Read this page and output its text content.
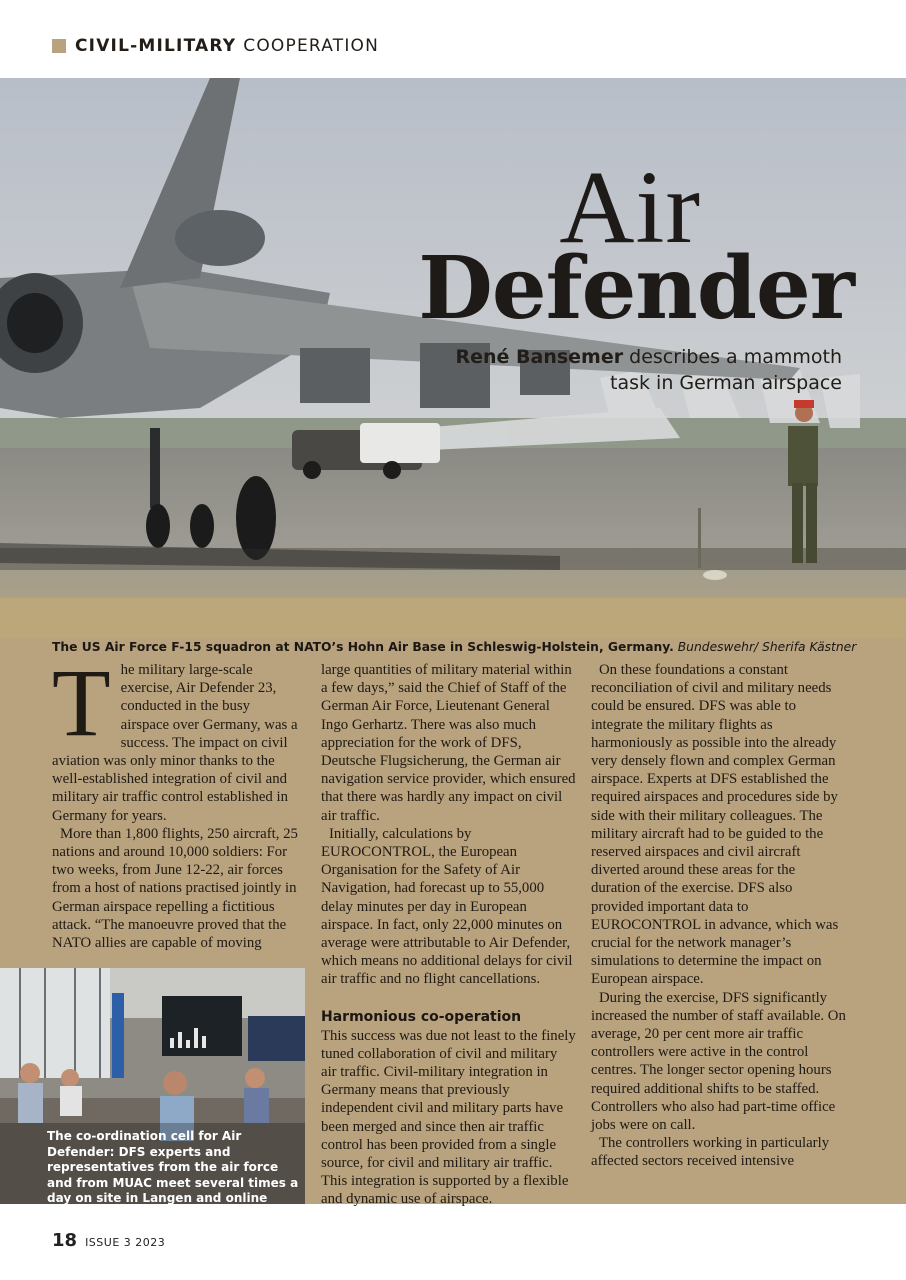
CIVIL-MILITARY COOPERATION
Air
Defender
René Bansemer describes a mammoth task in German airspace
The US Air Force F-15 squadron at NATO’s Hohn Air Base in Schleswig-Holstein, Germany. Bundeswehr/ Sherifa Kästner
T he military large-scale exercise, Air Defender 23, conducted in the busy airspace over Germany, was a success. The impact on civil aviation was only minor thanks to the well-established integration of civil and military air traffic control established in Germany for years.

More than 1,800 flights, 250 aircraft, 25 nations and around 10,000 soldiers: For two weeks, from June 12-22, air forces from a host of nations practised jointly in German airspace repelling a fictitious attack. “The manoeuvre proved that the NATO allies are capable of moving

large quantities of military material within a few days,” said the Chief of Staff of the German Air Force, Lieutenant General Ingo Gerhartz. There was also much appreciation for the work of DFS, Deutsche Flugsicherung, the German air navigation service provider, which ensured that there was hardly any impact on civil air traffic.

Initially, calculations by EUROCONTROL, the European Organisation for the Safety of Air Navigation, had forecast up to 55,000 delay minutes per day in European airspace. In fact, only 22,000 minutes on average were attributable to Air Defender, which means no additional delays for civil air traffic and no flight cancellations.

Harmonious co-operation

This success was due not least to the finely tuned collaboration of civil and military air traffic. Civil-military integration in Germany means that previously independent civil and military parts have been merged and since then air traffic control has been provided from a single source, for civil and military air traffic. This integration is supported by a flexible and dynamic use of airspace.

On these foundations a constant reconciliation of civil and military needs could be ensured. DFS was able to integrate the military flights as harmoniously as possible into the already very densely flown and complex German airspace. Experts at DFS established the required airspaces and procedures side by side with their military colleagues. The military aircraft had to be guided to the reserved airspaces and civil aircraft diverted around these areas for the duration of the exercise. DFS also provided important data to EUROCONTROL in advance, which was crucial for the network manager’s simulations to determine the impact on European airspace.

During the exercise, DFS significantly increased the number of staff available. On average, 20 per cent more air traffic controllers were active in the control centres. The longer sector opening hours required additional shifts to be staffed. Controllers who also had part-time office jobs were on call.

The controllers working in particularly affected sectors received intensive

The co-ordination cell for Air Defender: DFS experts and representatives from the air force and from MUAC meet several times a day on site in Langen and online during the exercise. DFS
18 ISSUE 3 2023
